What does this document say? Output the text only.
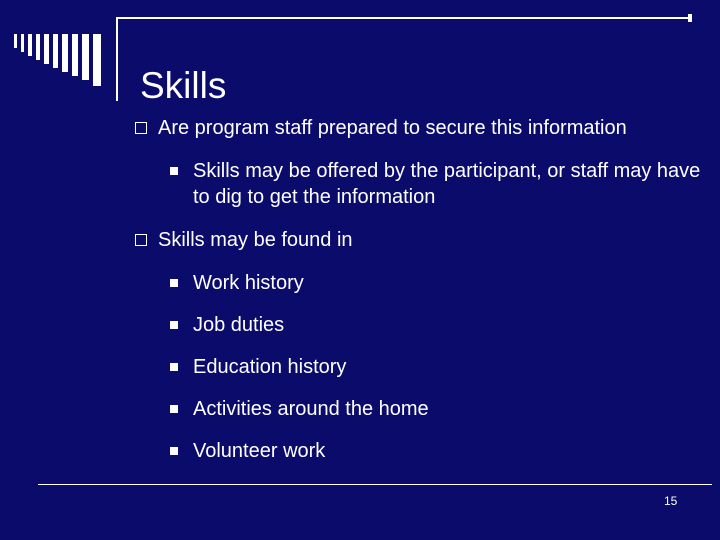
Skills
Are program staff prepared to secure this information
Skills may be offered by the participant, or staff may have to dig to get the information
Skills may be found in
Work history
Job duties
Education history
Activities around the home
Volunteer work
15
